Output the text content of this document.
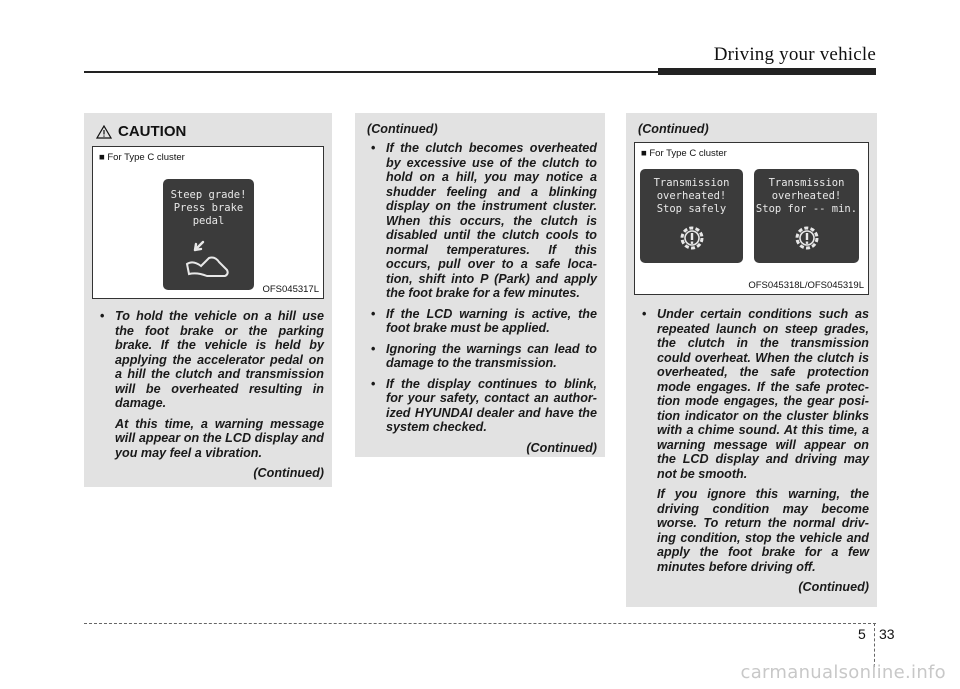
Driving your vehicle
CAUTION
■ For Type C cluster
Steep grade!
Press brake
pedal
OFS045317L

• To hold the vehicle on a hill use the foot brake or the parking brake. If the vehicle is held by applying the accelerator pedal on a hill the clutch and transmission will be overheated resulting in damage.

At this time, a warning message will appear on the LCD display and you may feel a vibration.

(Continued)
(Continued)

• If the clutch becomes overheated by excessive use of the clutch to hold on a hill, you may notice a shudder feeling and a blinking display on the instrument cluster. When this occurs, the clutch is disabled until the clutch cools to normal temperatures. If this occurs, pull over to a safe loca-tion, shift into P (Park) and apply the foot brake for a few minutes.

• If the LCD warning is active, the foot brake must be applied.

• Ignoring the warnings can lead to damage to the transmission.

• If the display continues to blink, for your safety, contact an author-ized HYUNDAI dealer and have the system checked.

(Continued)
(Continued)
■ For Type C cluster
Transmission
overheated!
Stop safely
Transmission
overheated!
Stop for -- min.
OFS045318L/OFS045319L

• Under certain conditions such as repeated launch on steep grades, the clutch in the transmission could overheat. When the clutch is overheated, the safe protection mode engages. If the safe protec-tion mode engages, the gear posi-tion indicator on the cluster blinks with a chime sound. At this time, a warning message will appear on the LCD display and driving may not be smooth.

If you ignore this warning, the driving condition may become worse. To return the normal driv-ing condition, stop the vehicle and apply the foot brake for a few minutes before driving off.

(Continued)
5 33
carmanualsonline.info
